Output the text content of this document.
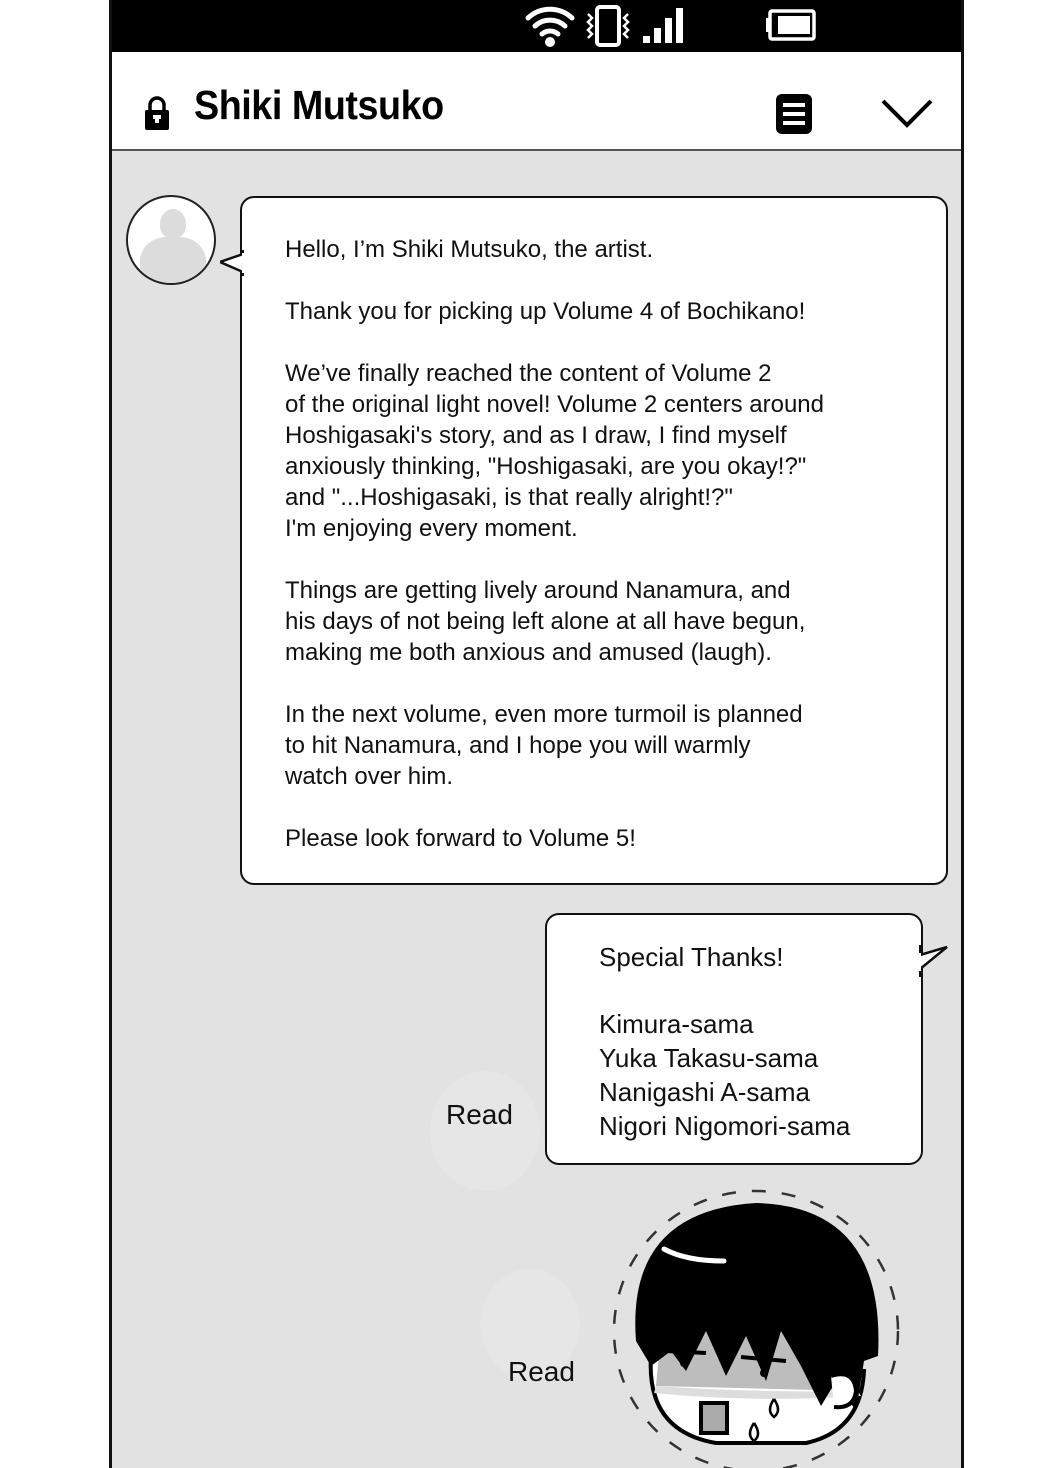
Shiki Mutsuko
Hello, I’m Shiki Mutsuko, the artist.
Thank you for picking up Volume 4 of Bochikano!
We’ve finally reached the content of Volume 2
of the original light novel! Volume 2 centers around
Hoshigasaki's story, and as I draw, I find myself
anxiously thinking, "Hoshigasaki, are you okay!?"
and "...Hoshigasaki, is that really alright!?"
I'm enjoying every moment.
Things are getting lively around Nanamura, and
his days of not being left alone at all have begun,
making me both anxious and amused (laugh).
In the next volume, even more turmoil is planned
to hit Nanamura, and I hope you will warmly
watch over him.
Please look forward to Volume 5!
Read
Special Thanks!
Kimura-sama
Yuka Takasu-sama
Nanigashi A-sama
Nigori Nigomori-sama
Read
